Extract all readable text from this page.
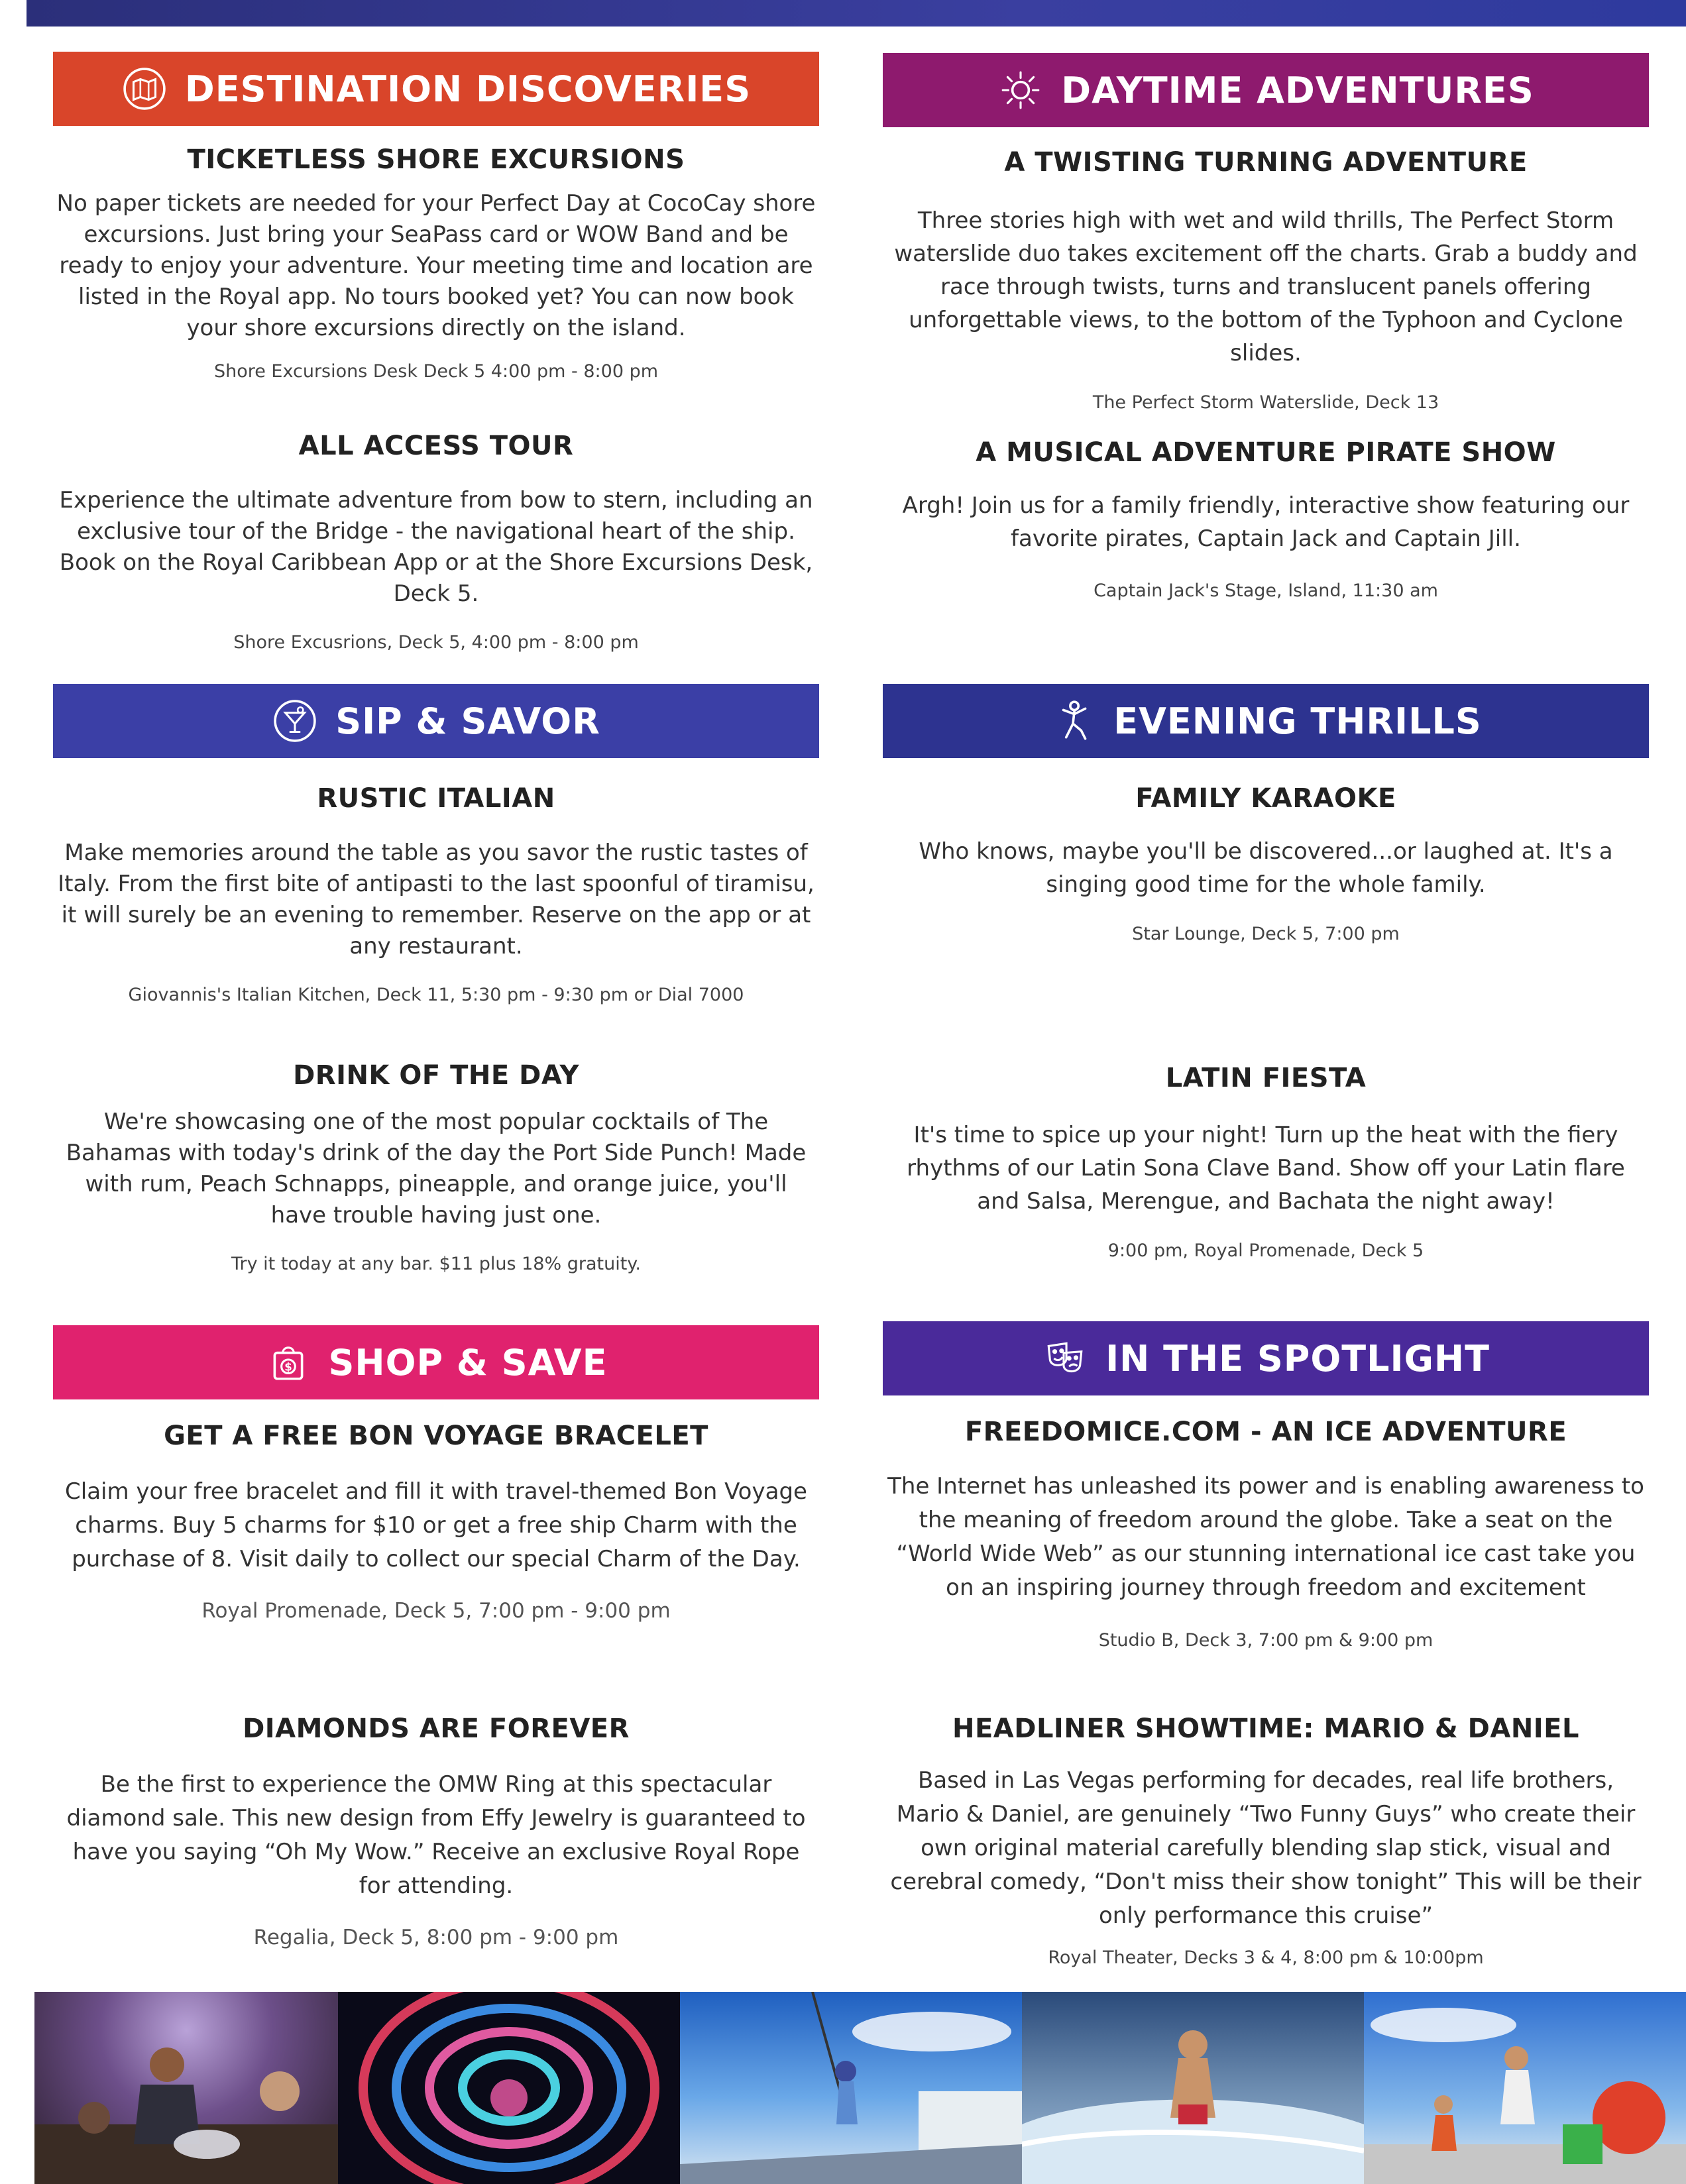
DESTINATION DISCOVERIES
TICKETLESS SHORE EXCURSIONS
No paper tickets are needed for your Perfect Day at CocoCay shore excursions. Just bring your SeaPass card or WOW Band and be ready to enjoy your adventure. Your meeting time and location are listed in the Royal app. No tours booked yet? You can now book your shore excursions directly on the island.
Shore Excursions Desk Deck 5 4:00 pm - 8:00 pm
ALL ACCESS TOUR
Experience the ultimate adventure from bow to stern, including an exclusive tour of the Bridge - the navigational heart of the ship. Book on the Royal Caribbean App or at the Shore Excursions Desk, Deck 5.
Shore Excusrions, Deck 5, 4:00 pm - 8:00 pm
SIP & SAVOR
RUSTIC ITALIAN
Make memories around the table as you savor the rustic tastes of Italy. From the first bite of antipasti to the last spoonful of tiramisu, it will surely be an evening to remember. Reserve on the app or at any restaurant.
Giovannis's Italian Kitchen, Deck 11, 5:30 pm - 9:30 pm or Dial 7000
DRINK OF THE DAY
We're showcasing one of the most popular cocktails of The Bahamas with today's drink of the day the Port Side Punch! Made with rum, Peach Schnapps, pineapple, and orange juice, you'll have trouble having just one.
Try it today at any bar. $11 plus 18% gratuity.
$ SHOP & SAVE
GET A FREE BON VOYAGE BRACELET
Claim your free bracelet and fill it with travel-themed Bon Voyage charms. Buy 5 charms for $10 or get a free ship Charm with the purchase of 8. Visit daily to collect our special Charm of the Day.
Royal Promenade, Deck 5, 7:00 pm - 9:00 pm
DIAMONDS ARE FOREVER
Be the first to experience the OMW Ring at this spectacular diamond sale. This new design from Effy Jewelry is guaranteed to have you saying “Oh My Wow.” Receive an exclusive Royal Rope for attending.
Regalia, Deck 5, 8:00 pm - 9:00 pm
DAYTIME ADVENTURES
A TWISTING TURNING ADVENTURE
Three stories high with wet and wild thrills, The Perfect Storm waterslide duo takes excitement off the charts. Grab a buddy and race through twists, turns and translucent panels offering unforgettable views, to the bottom of the Typhoon and Cyclone slides.
The Perfect Storm Waterslide, Deck 13
A MUSICAL ADVENTURE PIRATE SHOW
Argh! Join us for a family friendly, interactive show featuring our favorite pirates, Captain Jack and Captain Jill.
Captain Jack's Stage, Island, 11:30 am
EVENING THRILLS
FAMILY KARAOKE
Who knows, maybe you'll be discovered...or laughed at. It's a singing good time for the whole family.
Star Lounge, Deck 5, 7:00 pm
LATIN FIESTA
It's time to spice up your night! Turn up the heat with the fiery rhythms of our Latin Sona Clave Band. Show off your Latin flare and Salsa, Merengue, and Bachata the night away!
9:00 pm, Royal Promenade, Deck 5
IN THE SPOTLIGHT
FREEDOMICE.COM - AN ICE ADVENTURE
The Internet has unleashed its power and is enabling awareness to the meaning of freedom around the globe. Take a seat on the “World Wide Web” as our stunning international ice cast take you on an inspiring journey through freedom and excitement
Studio B, Deck 3, 7:00 pm & 9:00 pm
HEADLINER SHOWTIME: MARIO & DANIEL
Based in Las Vegas performing for decades, real life brothers, Mario & Daniel, are genuinely “Two Funny Guys” who create their own original material carefully blending slap stick, visual and cerebral comedy, “Don't miss their show tonight” This will be their only performance this cruise”
Royal Theater, Decks 3 & 4, 8:00 pm & 10:00pm
